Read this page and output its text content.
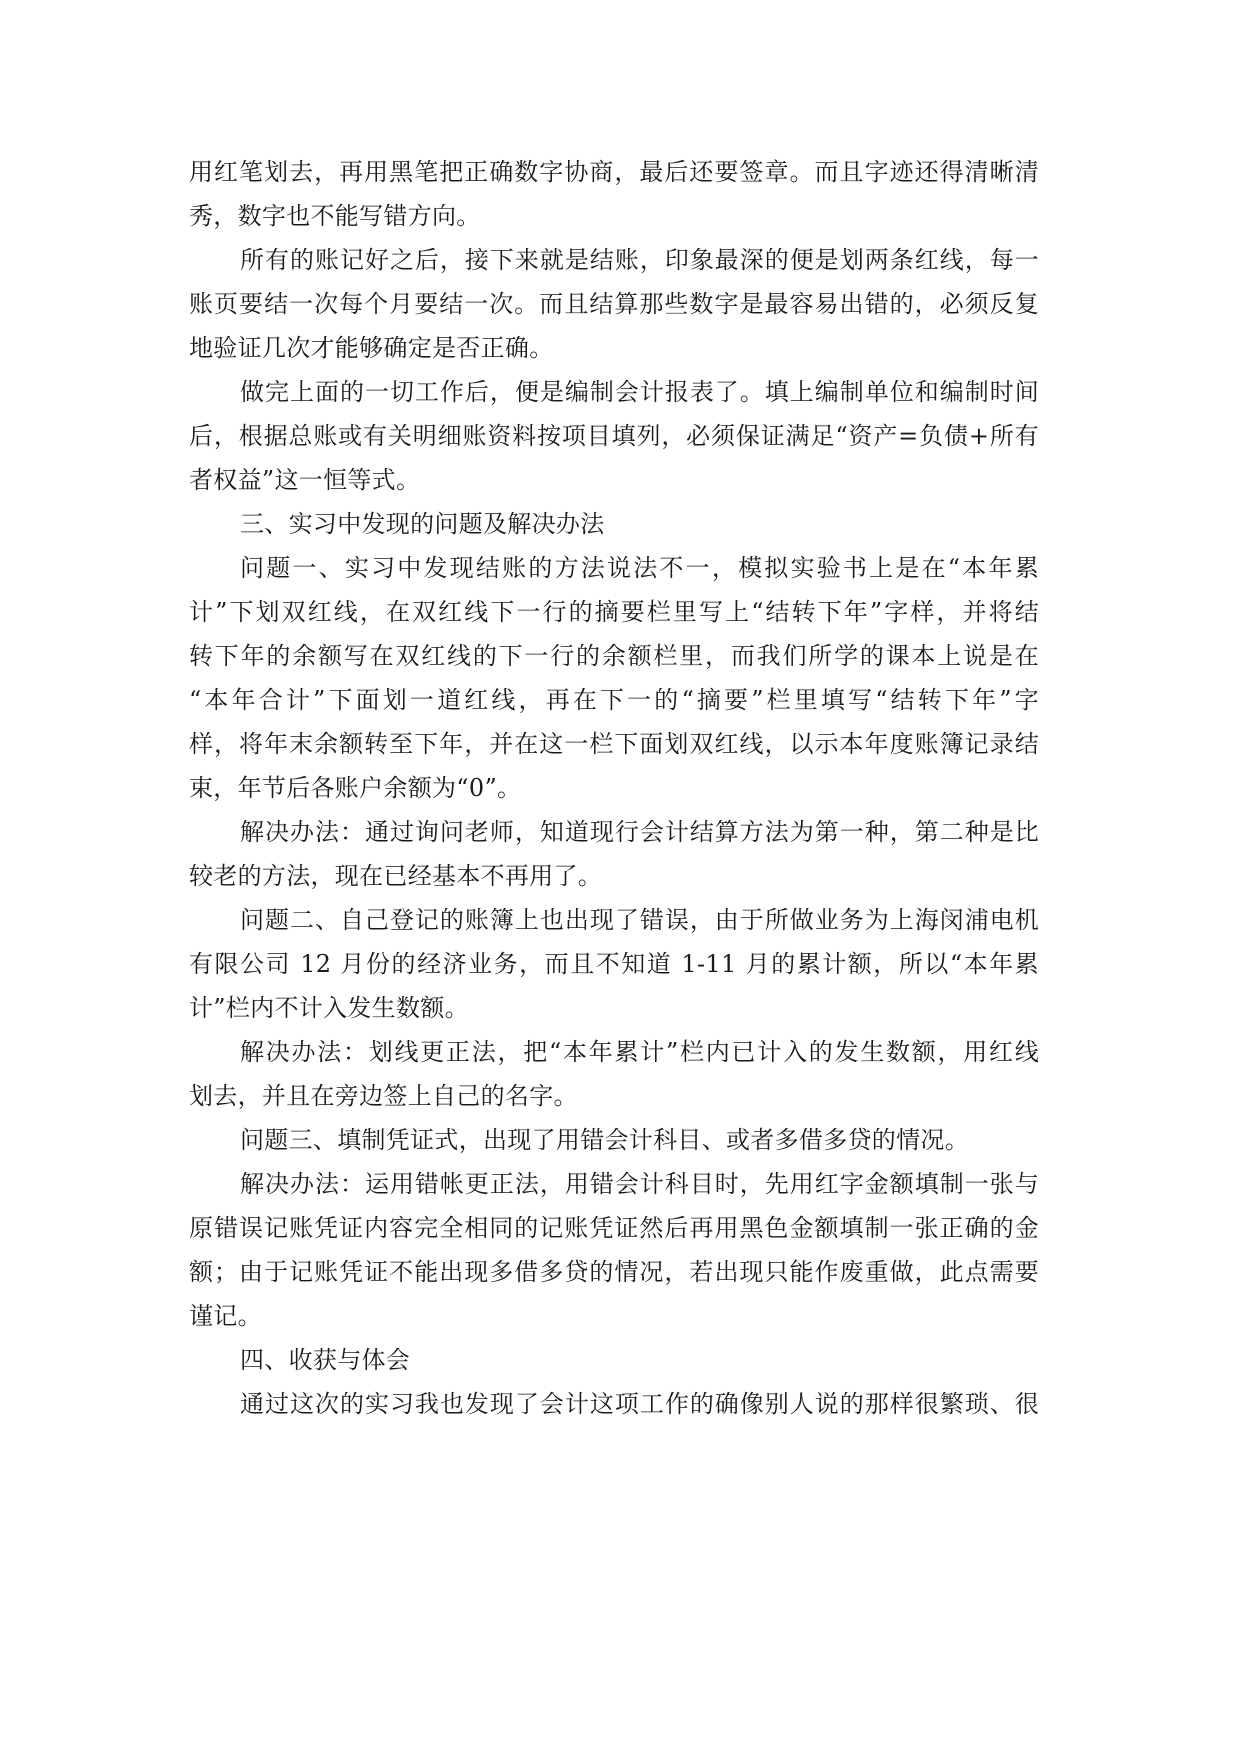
用红笔划去，再用黑笔把正确数字协商，最后还要签章。而且字迹还得清晰清
秀，数字也不能写错方向。
所有的账记好之后，接下来就是结账，印象最深的便是划两条红线，每一
账页要结一次每个月要结一次。而且结算那些数字是最容易出错的，必须反复
地验证几次才能够确定是否正确。
做完上面的一切工作后，便是编制会计报表了。填上编制单位和编制时间
后，根据总账或有关明细账资料按项目填列，必须保证满足“资产=负债+所有
者权益”这一恒等式。
三、实习中发现的问题及解决办法
问题一、实习中发现结账的方法说法不一，模拟实验书上是在“本年累
计”下划双红线，在双红线下一行的摘要栏里写上“结转下年”字样，并将结
转下年的余额写在双红线的下一行的余额栏里，而我们所学的课本上说是在
“本年合计”下面划一道红线，再在下一的“摘要”栏里填写“结转下年”字
样，将年末余额转至下年，并在这一栏下面划双红线，以示本年度账簿记录结
束，年节后各账户余额为“0”。
解决办法：通过询问老师，知道现行会计结算方法为第一种，第二种是比
较老的方法，现在已经基本不再用了。
问题二、自己登记的账簿上也出现了错误，由于所做业务为上海闵浦电机
有限公司 12 月份的经济业务，而且不知道 1-11 月的累计额，所以“本年累
计”栏内不计入发生数额。
解决办法：划线更正法，把“本年累计”栏内已计入的发生数额，用红线
划去，并且在旁边签上自己的名字。
问题三、填制凭证式，出现了用错会计科目、或者多借多贷的情况。
解决办法：运用错帐更正法，用错会计科目时，先用红字金额填制一张与
原错误记账凭证内容完全相同的记账凭证然后再用黑色金额填制一张正确的金
额；由于记账凭证不能出现多借多贷的情况，若出现只能作废重做，此点需要
谨记。
四、收获与体会
通过这次的实习我也发现了会计这项工作的确像别人说的那样很繁琐、很
